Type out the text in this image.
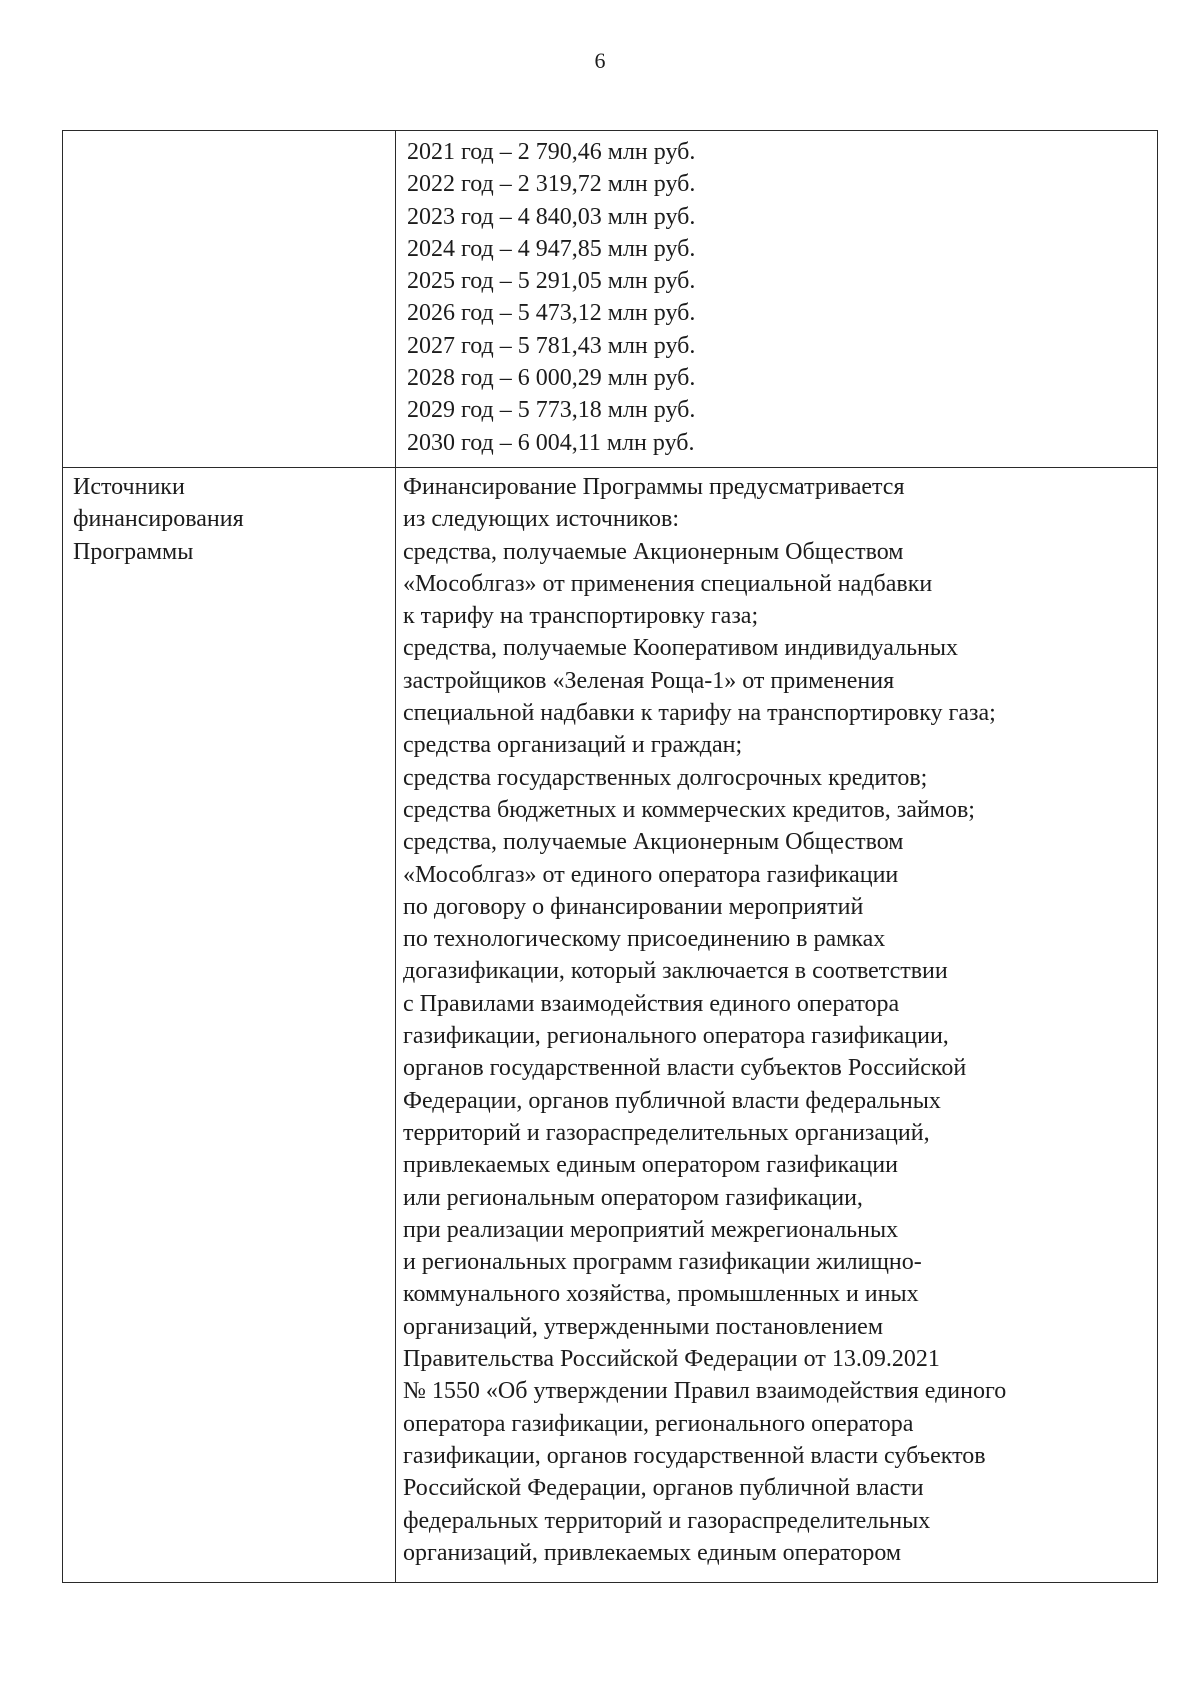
6
2021 год – 2 790,46 млн руб.
2022 год – 2 319,72 млн руб.
2023 год – 4 840,03 млн руб.
2024 год – 4 947,85 млн руб.
2025 год – 5 291,05 млн руб.
2026 год – 5 473,12 млн руб.
2027 год – 5 781,43 млн руб.
2028 год – 6 000,29 млн руб.
2029 год – 5 773,18 млн руб.
2030 год – 6 004,11 млн руб.
Источники
финансирования
Программы
Финансирование Программы предусматривается
из следующих источников:
средства, получаемые Акционерным Обществом
«Мособлгаз» от применения специальной надбавки
к тарифу на транспортировку газа;
средства, получаемые Кооперативом индивидуальных
застройщиков «Зеленая Роща-1» от применения
специальной надбавки к тарифу на транспортировку газа;
средства организаций и граждан;
средства государственных долгосрочных кредитов;
средства бюджетных и коммерческих кредитов, займов;
средства, получаемые Акционерным Обществом
«Мособлгаз» от единого оператора газификации
по договору о финансировании мероприятий
по технологическому присоединению в рамках
догазификации, который заключается в соответствии
с Правилами взаимодействия единого оператора
газификации, регионального оператора газификации,
органов государственной власти субъектов Российской
Федерации, органов публичной власти федеральных
территорий и газораспределительных организаций,
привлекаемых единым оператором газификации
или региональным оператором газификации,
при реализации мероприятий межрегиональных
и региональных программ газификации жилищно-
коммунального хозяйства, промышленных и иных
организаций, утвержденными постановлением
Правительства Российской Федерации от 13.09.2021
№ 1550 «Об утверждении Правил взаимодействия единого
оператора газификации, регионального оператора
газификации, органов государственной власти субъектов
Российской Федерации, органов публичной власти
федеральных территорий и газораспределительных
организаций, привлекаемых единым оператором
